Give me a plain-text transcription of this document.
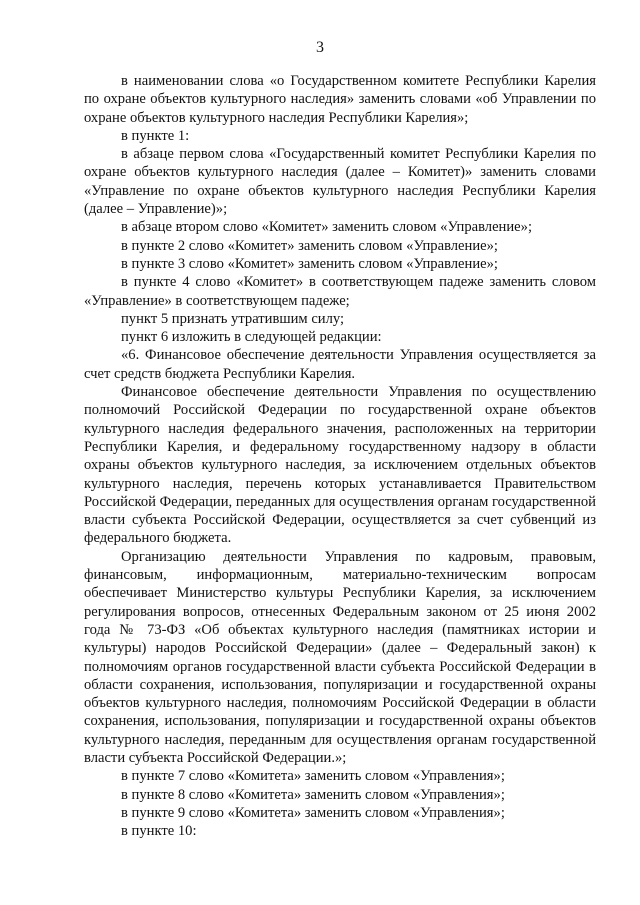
3

в наименовании слова «о Государственном комитете Республики Карелия по охране объектов культурного наследия» заменить словами «об Управлении по охране объектов культурного наследия Республики Карелия»;

в пункте 1:

в абзаце первом слова «Государственный комитет Республики Карелия по охране объектов культурного наследия (далее – Комитет)» заменить словами «Управление по охране объектов культурного наследия Республики Карелия (далее – Управление)»;

в абзаце втором слово «Комитет» заменить словом «Управление»;

в пункте 2 слово «Комитет» заменить словом «Управление»;

в пункте 3 слово «Комитет» заменить словом «Управление»;

в пункте 4 слово «Комитет» в соответствующем падеже заменить словом «Управление» в соответствующем падеже;

пункт 5 признать утратившим силу;

пункт 6 изложить в следующей редакции:

«6. Финансовое обеспечение деятельности Управления осуществляется за счет средств бюджета Республики Карелия.

Финансовое обеспечение деятельности Управления по осуществлению полномочий Российской Федерации по государственной охране объектов культурного наследия федерального значения, расположенных на территории Республики Карелия, и федеральному государственному надзору в области охраны объектов культурного наследия, за исключением отдельных объектов культурного наследия, перечень которых устанавливается Правительством Российской Федерации, переданных для осуществления органам государственной власти субъекта Российской Федерации, осуществляется за счет субвенций из федерального бюджета.

Организацию деятельности Управления по кадровым, правовым, финансовым, информационным, материально-техническим вопросам обеспечивает Министерство культуры Республики Карелия, за исключением регулирования вопросов, отнесенных Федеральным законом от 25 июня 2002 года № 73-ФЗ «Об объектах культурного наследия (памятниках истории и культуры) народов Российской Федерации» (далее – Федеральный закон) к полномочиям органов государственной власти субъекта Российской Федерации в области сохранения, использования, популяризации и государственной охраны объектов культурного наследия, полномочиям Российской Федерации в области сохранения, использования, популяризации и государственной охраны объектов культурного наследия, переданным для осуществления органам государственной власти субъекта Российской Федерации.»;

в пункте 7 слово «Комитета» заменить словом «Управления»;

в пункте 8 слово «Комитета» заменить словом «Управления»;

в пункте 9 слово «Комитета» заменить словом «Управления»;

в пункте 10:
